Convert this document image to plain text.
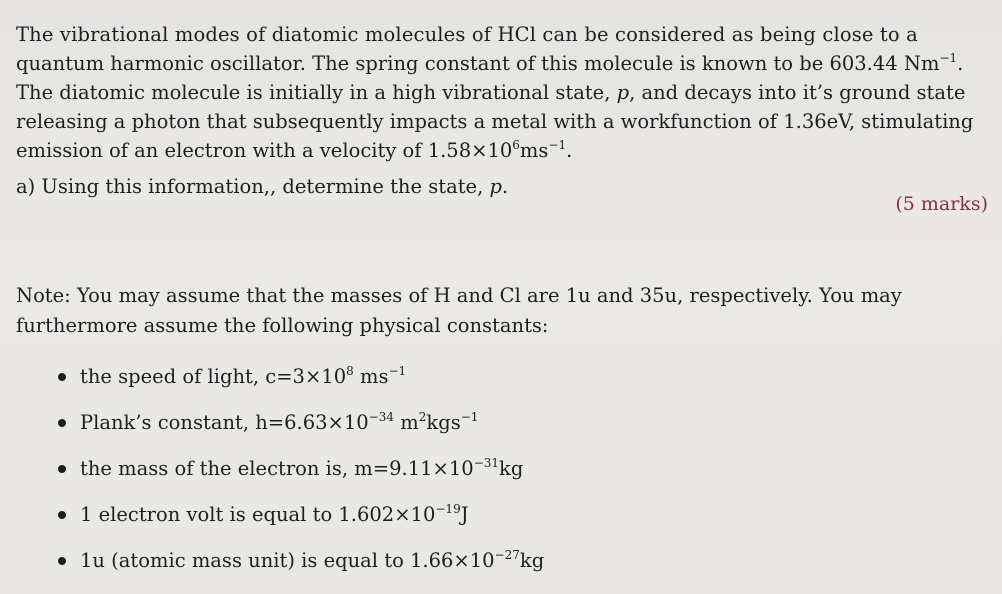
The vibrational modes of diatomic molecules of HCl can be considered as being close to a
quantum harmonic oscillator. The spring constant of this molecule is known to be 603.44 $Nm^{-1}$.
The diatomic molecule is initially in a high vibrational state, p, and decays into it’s ground state
releasing a photon that subsequently impacts a metal with a workfunction of 1.36eV, stimulating
emission of an electron with a velocity of $1.58\times 10^6ms^{-1}$.
a) Using this information,, determine the state, p.
(5 marks)
Note: You may assume that the masses of H and Cl are 1u and 35u, respectively. You may
furthermore assume the following physical constants:
the speed of light, $c=3\times 10^8$ $ms^{-1}$
Plank’s constant, $h=6.63\times 10^{-34}$ $m^2kgs^{-1}$
the mass of the electron is, $m=9.11\times 10^{-31}kg$
1 electron volt is equal to $1.602\times 10^{-19}J$
1u (atomic mass unit) is equal to $1.66\times 10^{-27}kg$
